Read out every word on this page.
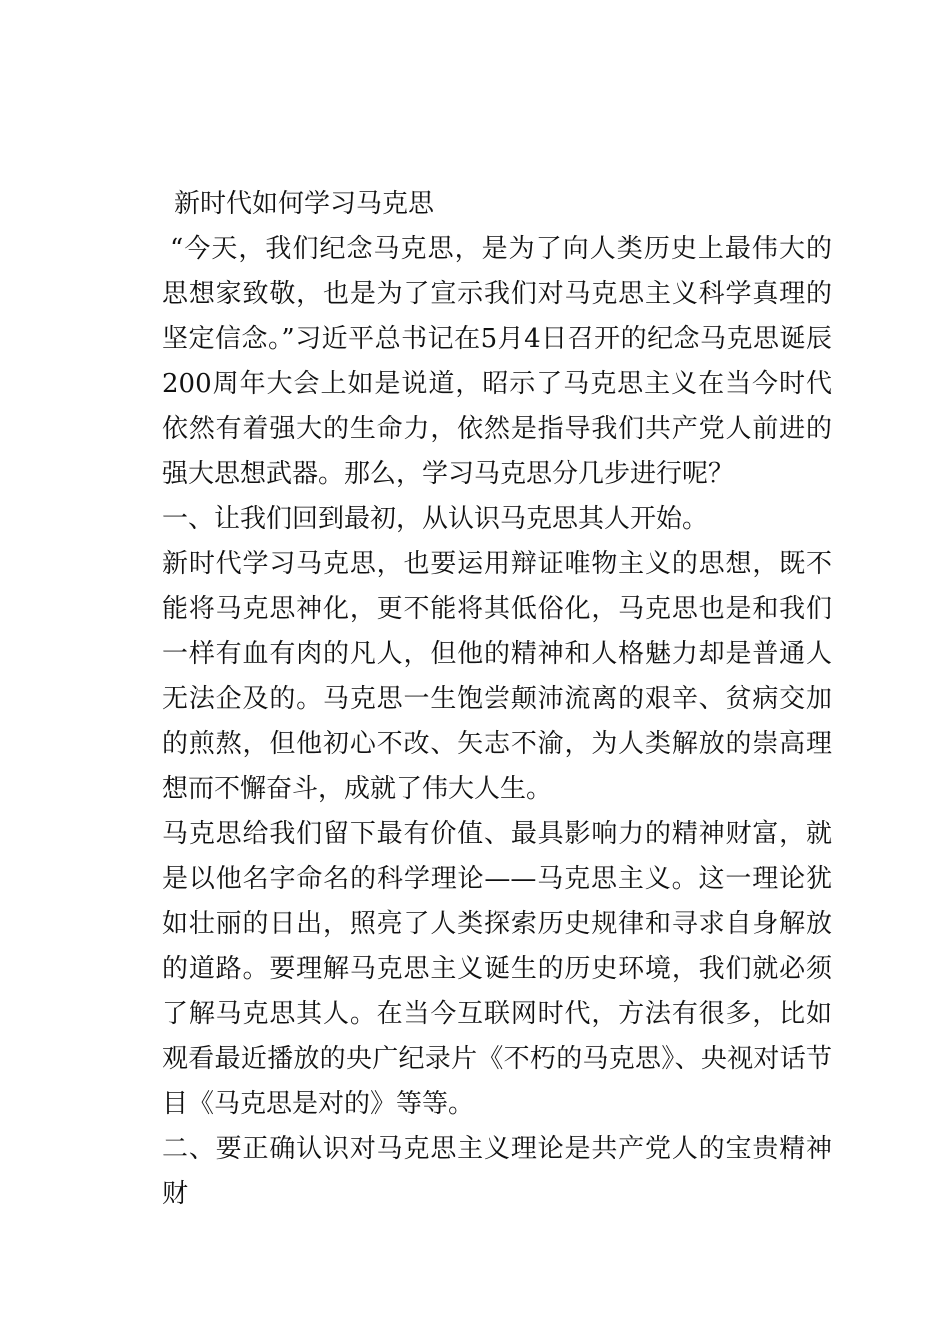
新时代如何学习马克思

“今天，我们纪念马克思，是为了向人类历史上最伟大的思想家致敬，也是为了宣示我们对马克思主义科学真理的坚定信念。”习近平总书记在5月4日召开的纪念马克思诞辰200周年大会上如是说道，昭示了马克思主义在当今时代依然有着强大的生命力，依然是指导我们共产党人前进的强大思想武器。那么，学习马克思分几步进行呢？

一、让我们回到最初，从认识马克思其人开始。

新时代学习马克思，也要运用辩证唯物主义的思想，既不能将马克思神化，更不能将其低俗化，马克思也是和我们一样有血有肉的凡人，但他的精神和人格魅力却是普通人无法企及的。马克思一生饱尝颠沛流离的艰辛、贫病交加的煎熬，但他初心不改、矢志不渝，为人类解放的崇高理想而不懈奋斗，成就了伟大人生。

马克思给我们留下最有价值、最具影响力的精神财富，就是以他名字命名的科学理论——马克思主义。这一理论犹如壮丽的日出，照亮了人类探索历史规律和寻求自身解放的道路。要理解马克思主义诞生的历史环境，我们就必须了解马克思其人。在当今互联网时代，方法有很多，比如观看最近播放的央广纪录片《不朽的马克思》、央视对话节目《马克思是对的》等等。

二、要正确认识对马克思主义理论是共产党人的宝贵精神财
